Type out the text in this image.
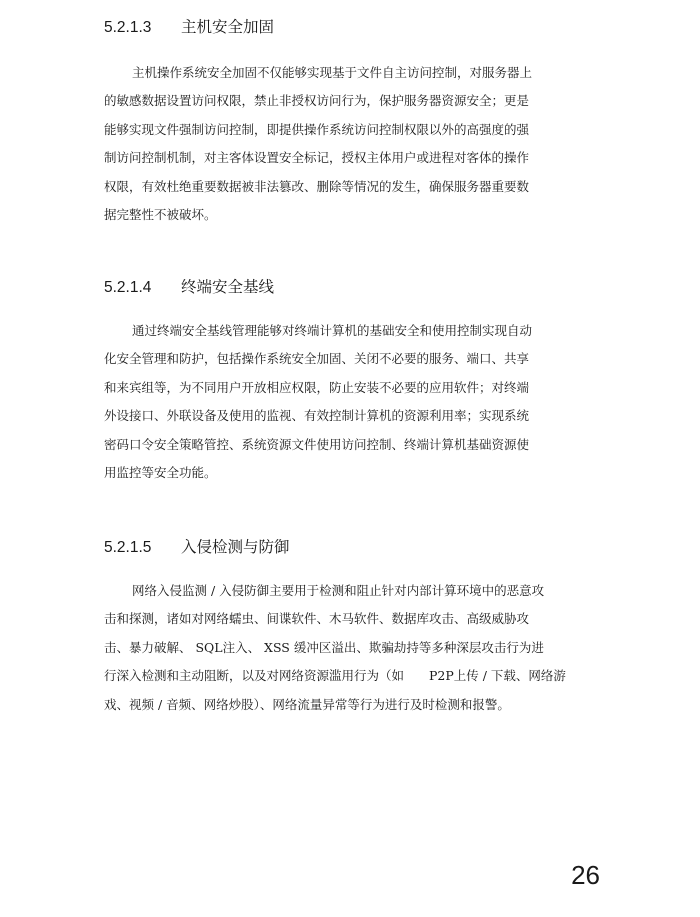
5.2.1.3 主机安全加固
主机操作系统安全加固不仅能够实现基于文件自主访问控制，对服务器上
的敏感数据设置访问权限，禁止非授权访问行为，保护服务器资源安全；更是
能够实现文件强制访问控制，即提供操作系统访问控制权限以外的高强度的强
制访问控制机制，对主客体设置安全标记，授权主体用户或进程对客体的操作
权限，有效杜绝重要数据被非法篡改、删除等情况的发生，确保服务器重要数
据完整性不被破坏。
5.2.1.4 终端安全基线
通过终端安全基线管理能够对终端计算机的基础安全和使用控制实现自动
化安全管理和防护，包括操作系统安全加固、关闭不必要的服务、端口、共享
和来宾组等，为不同用户开放相应权限，防止安装不必要的应用软件；对终端
外设接口、外联设备及使用的监视、有效控制计算机的资源利用率；实现系统
密码口令安全策略管控、系统资源文件使用访问控制、终端计算机基础资源使
用监控等安全功能。
5.2.1.5 入侵检测与防御
网络入侵监测 / 入侵防御主要用于检测和阻止针对内部计算环境中的恶意攻
击和探测，诸如对网络蠕虫、间谍软件、木马软件、数据库攻击、高级威胁攻
击、暴力破解、 SQL注入、 XSS 缓冲区溢出、欺骗劫持等多种深层攻击行为进
行深入检测和主动阻断，以及对网络资源滥用行为（如　　P2P上传 / 下载、网络游
戏、视频 / 音频、网络炒股）、网络流量异常等行为进行及时检测和报警。
26
